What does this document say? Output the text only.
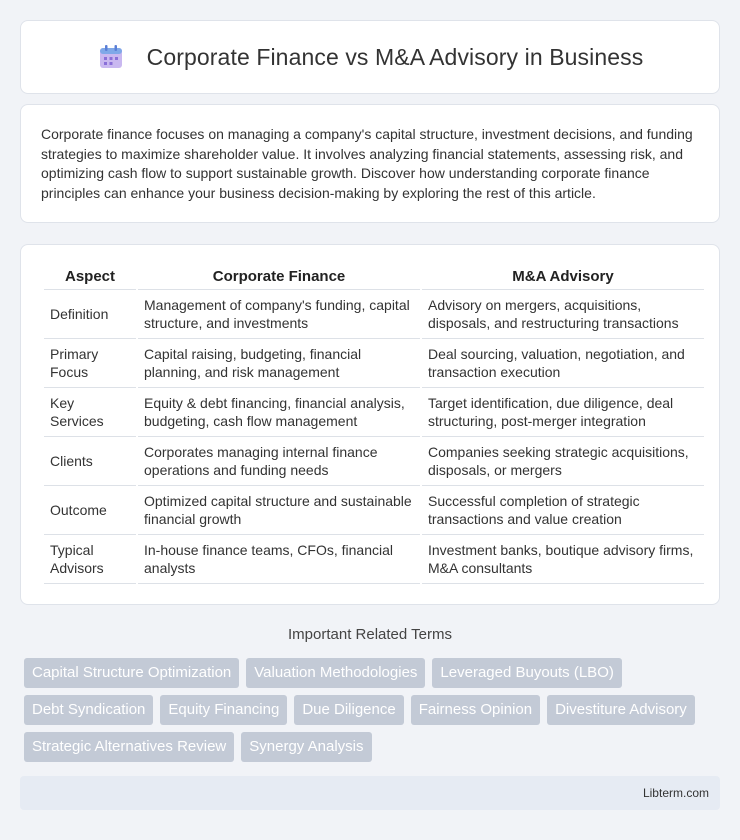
Corporate Finance vs M&A Advisory in Business

Corporate finance focuses on managing a company's capital structure, investment decisions, and funding strategies to maximize shareholder value. It involves analyzing financial statements, assessing risk, and optimizing cash flow to support sustainable growth. Discover how understanding corporate finance principles can enhance your business decision-making by exploring the rest of this article.

Aspect	Corporate Finance	M&A Advisory
Definition	Management of company's funding, capital structure, and investments	Advisory on mergers, acquisitions, disposals, and restructuring transactions
Primary Focus	Capital raising, budgeting, financial planning, and risk management	Deal sourcing, valuation, negotiation, and transaction execution
Key Services	Equity & debt financing, financial analysis, budgeting, cash flow management	Target identification, due diligence, deal structuring, post-merger integration
Clients	Corporates managing internal finance operations and funding needs	Companies seeking strategic acquisitions, disposals, or mergers
Outcome	Optimized capital structure and sustainable financial growth	Successful completion of strategic transactions and value creation
Typical Advisors	In-house finance teams, CFOs, financial analysts	Investment banks, boutique advisory firms, M&A consultants
Important Related Terms
Capital Structure Optimization	Valuation Methodologies	Leveraged Buyouts (LBO)
Debt Syndication	Equity Financing	Due Diligence	Fairness Opinion	Divestiture Advisory
Strategic Alternatives Review	Synergy Analysis
Libterm.com
